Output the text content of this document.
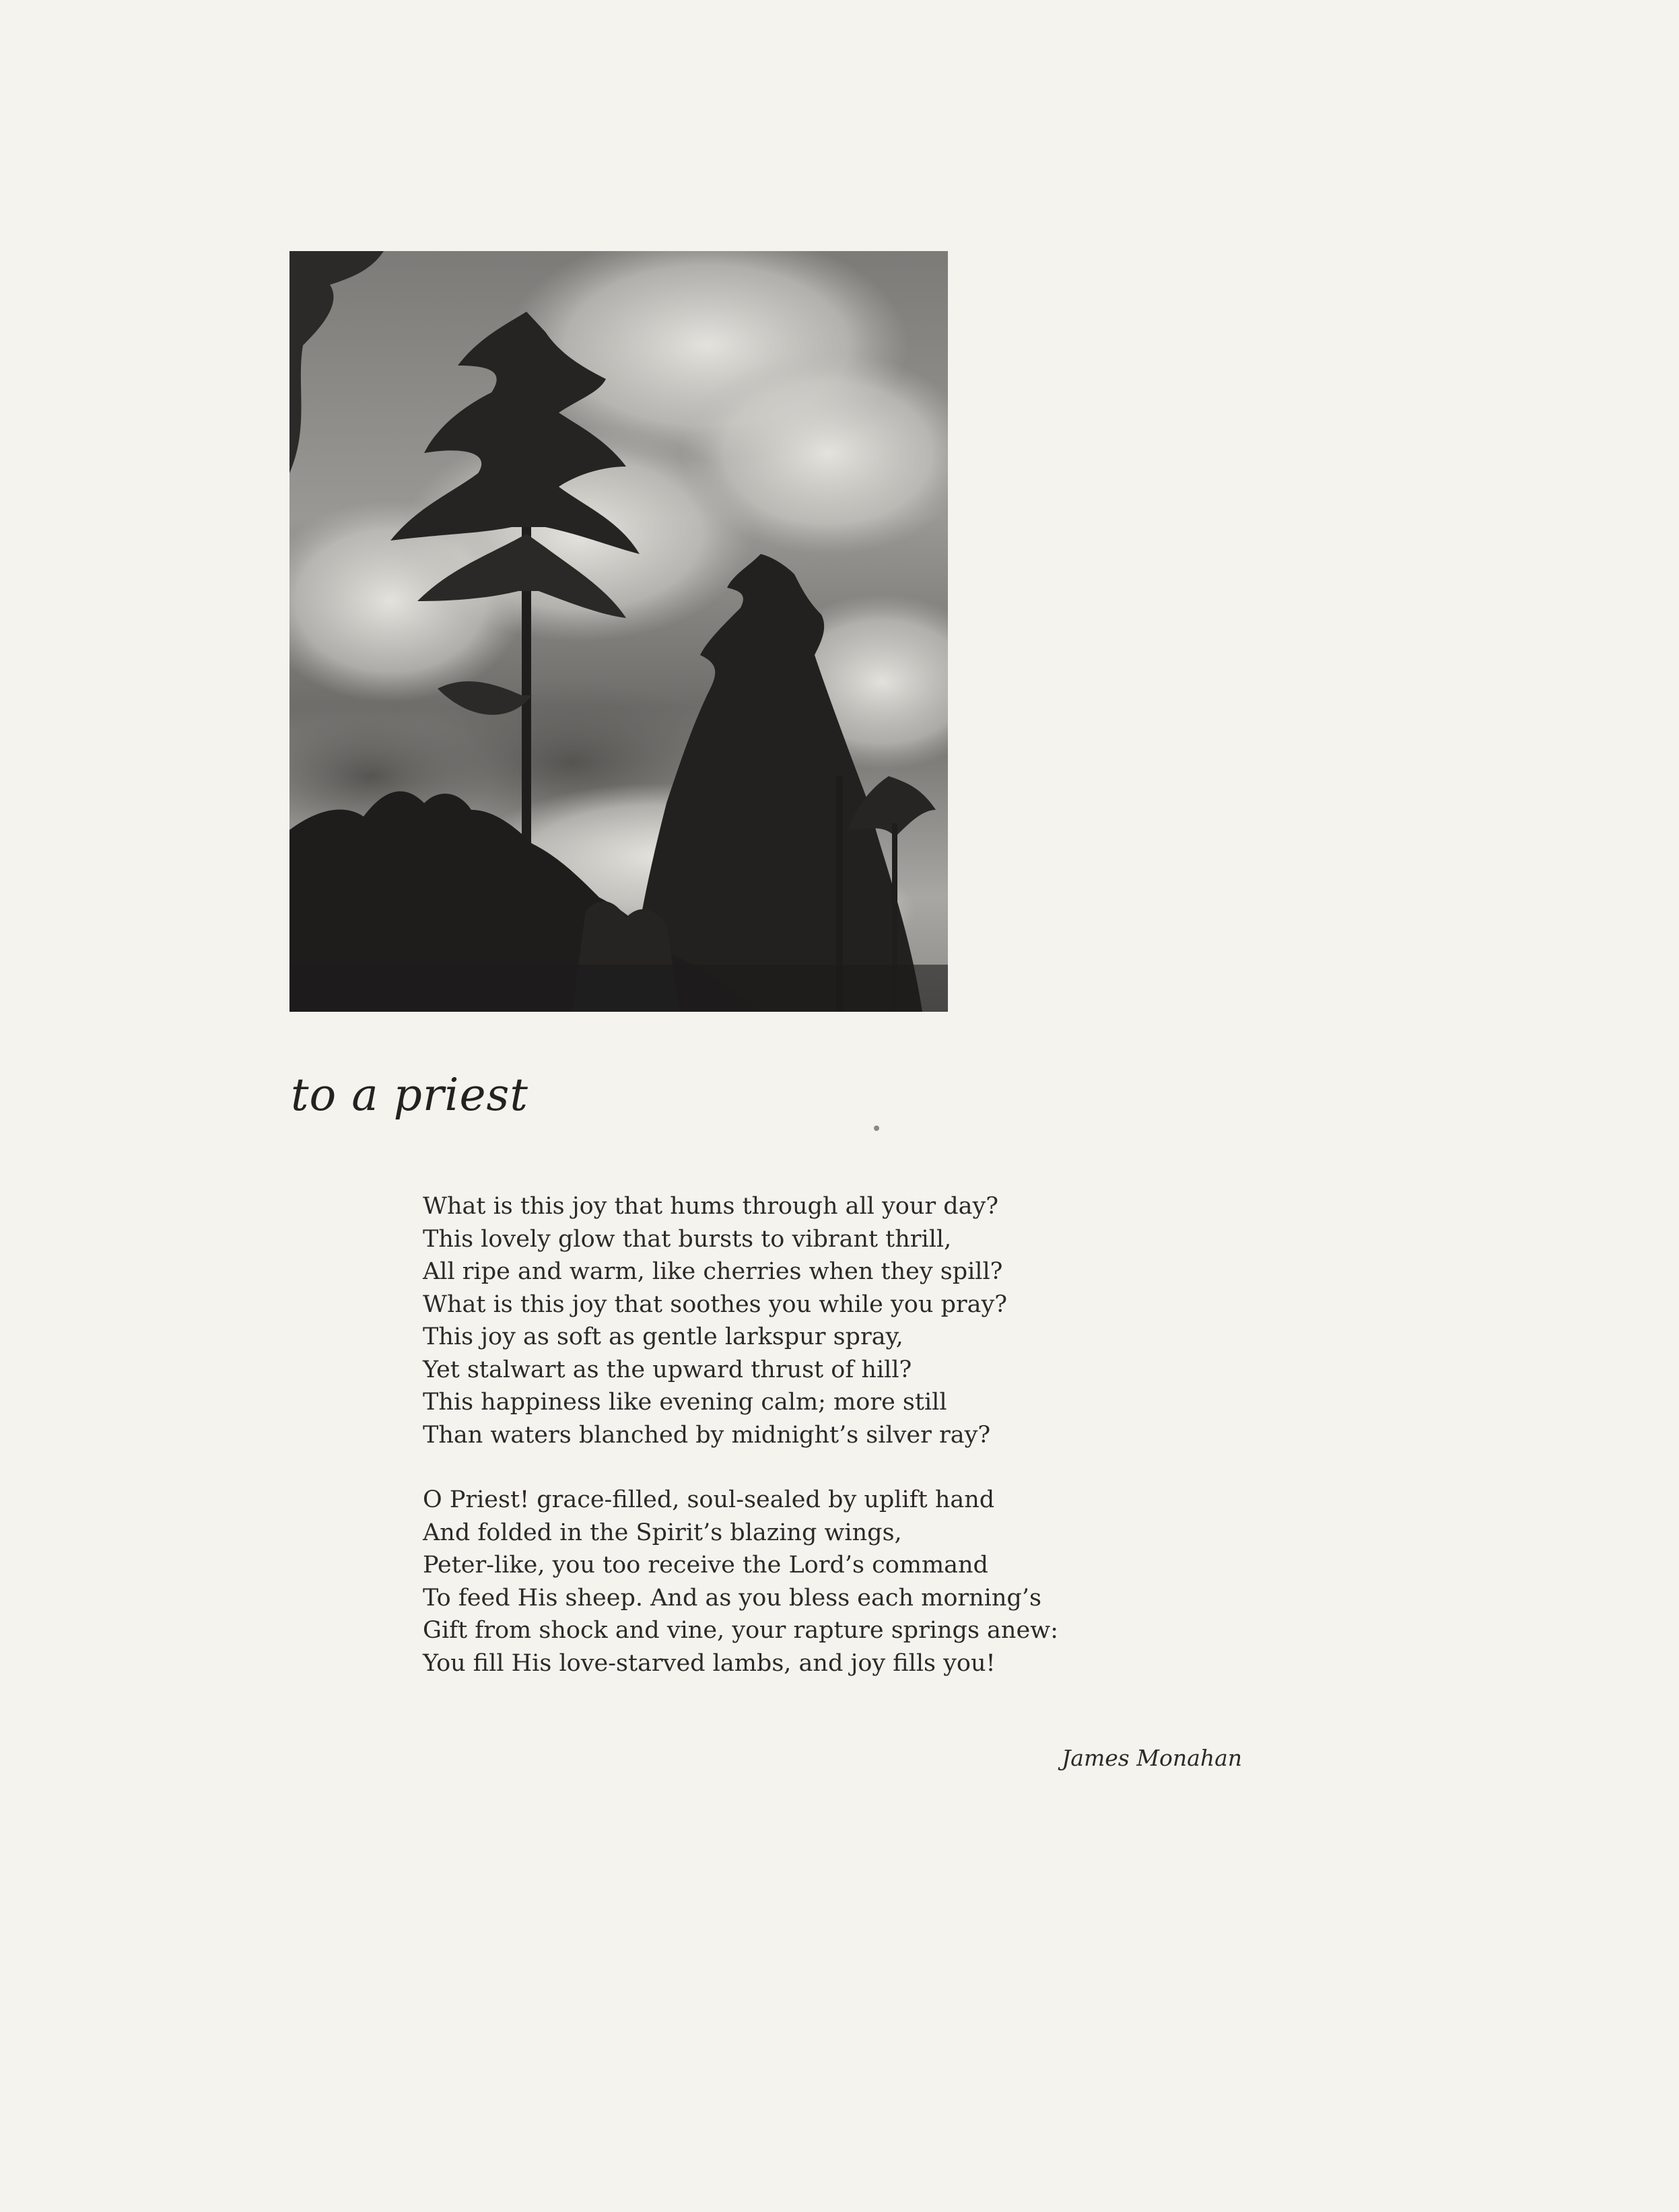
to a priest
What is this joy that hums through all your day?
This lovely glow that bursts to vibrant thrill,
All ripe and warm, like cherries when they spill?
What is this joy that soothes you while you pray?
This joy as soft as gentle larkspur spray,
Yet stalwart as the upward thrust of hill?
This happiness like evening calm; more still
Than waters blanched by midnight’s silver ray?
O Priest! grace-filled, soul-sealed by uplift hand
And folded in the Spirit’s blazing wings,
Peter-like, you too receive the Lord’s command
To feed His sheep. And as you bless each morning’s
Gift from shock and vine, your rapture springs anew:
You fill His love-starved lambs, and joy fills you!
James Monahan
